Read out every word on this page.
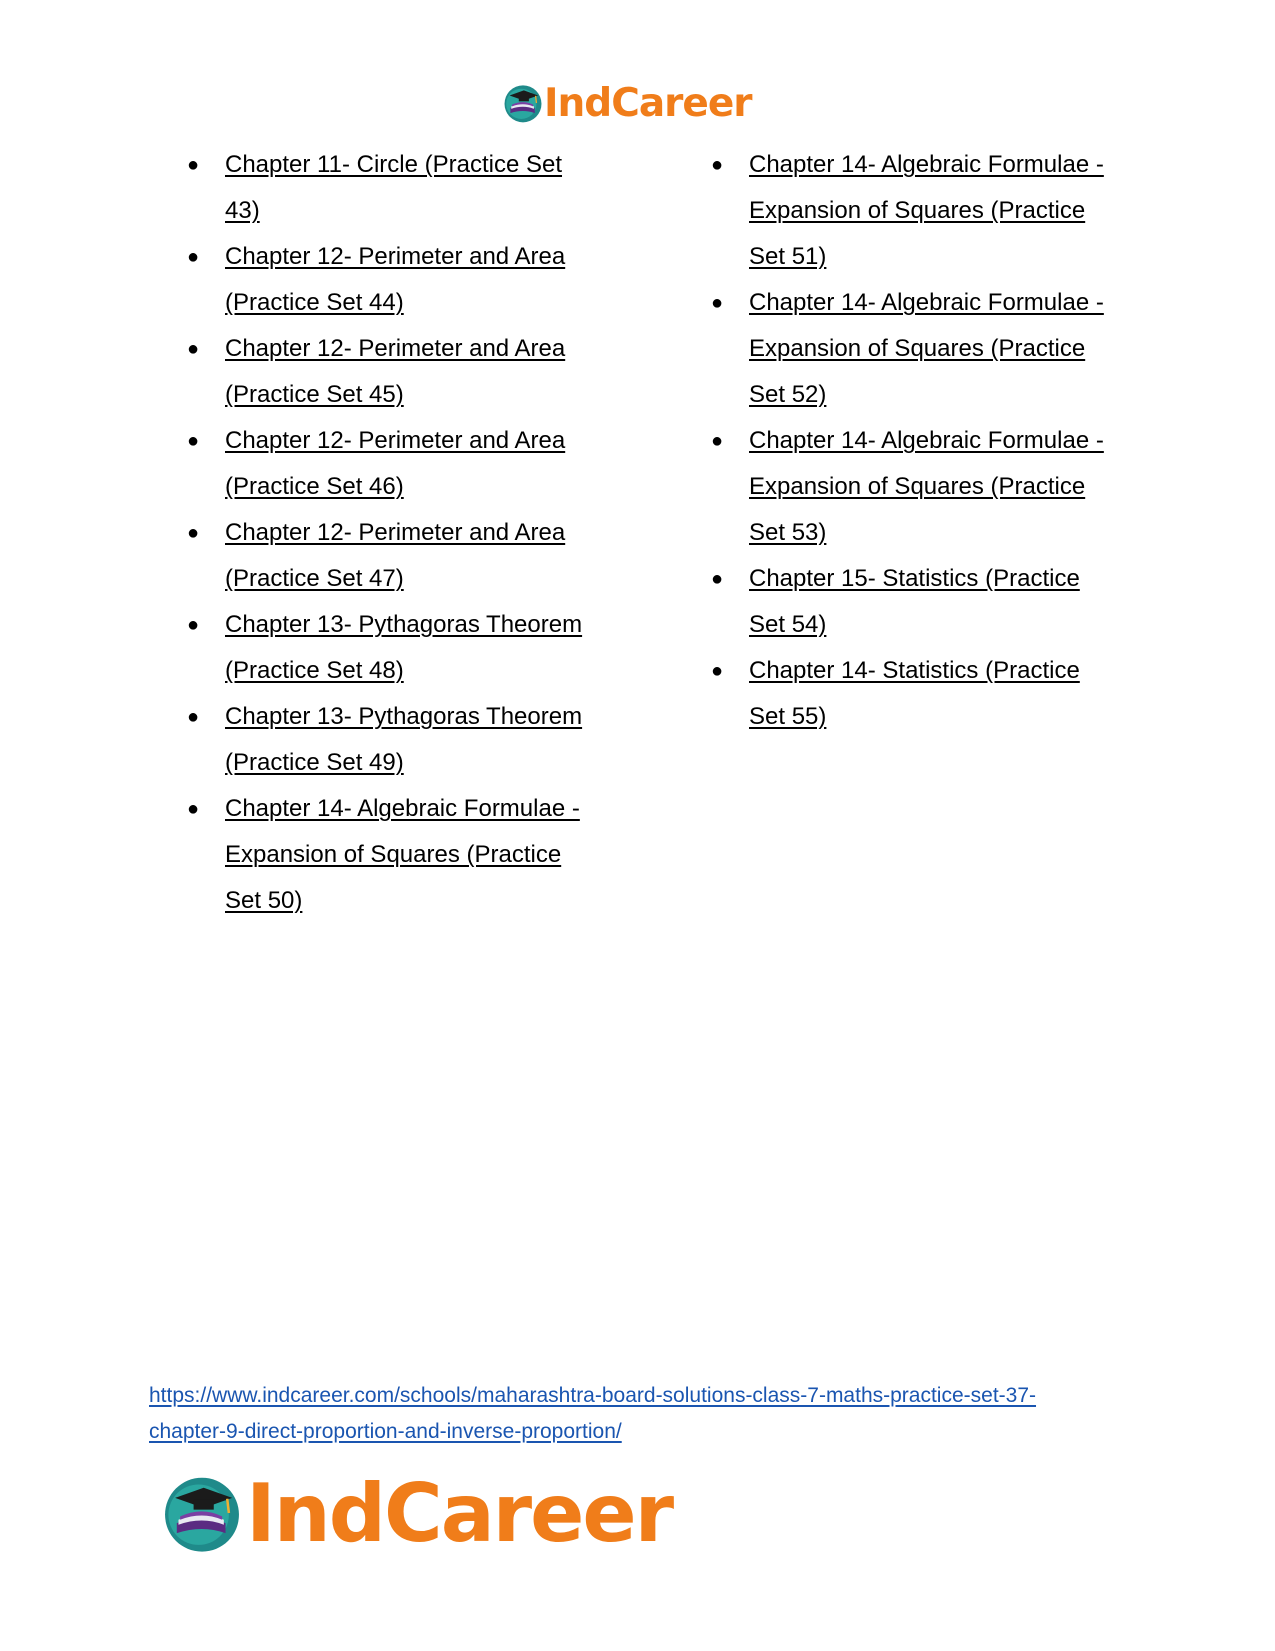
IndCareer
● Chapter 11- Circle (Practice Set
43)
● Chapter 12- Perimeter and Area
(Practice Set 44)
● Chapter 12- Perimeter and Area
(Practice Set 45)
● Chapter 12- Perimeter and Area
(Practice Set 46)
● Chapter 12- Perimeter and Area
(Practice Set 47)
● Chapter 13- Pythagoras Theorem
(Practice Set 48)
● Chapter 13- Pythagoras Theorem
(Practice Set 49)
● Chapter 14- Algebraic Formulae -
Expansion of Squares (Practice
Set 50)
● Chapter 14- Algebraic Formulae -
Expansion of Squares (Practice
Set 51)
● Chapter 14- Algebraic Formulae -
Expansion of Squares (Practice
Set 52)
● Chapter 14- Algebraic Formulae -
Expansion of Squares (Practice
Set 53)
● Chapter 15- Statistics (Practice
Set 54)
● Chapter 14- Statistics (Practice
Set 55)
https://www.indcareer.com/schools/maharashtra-board-solutions-class-7-maths-practice-set-37-
chapter-9-direct-proportion-and-inverse-proportion/
IndCareer
